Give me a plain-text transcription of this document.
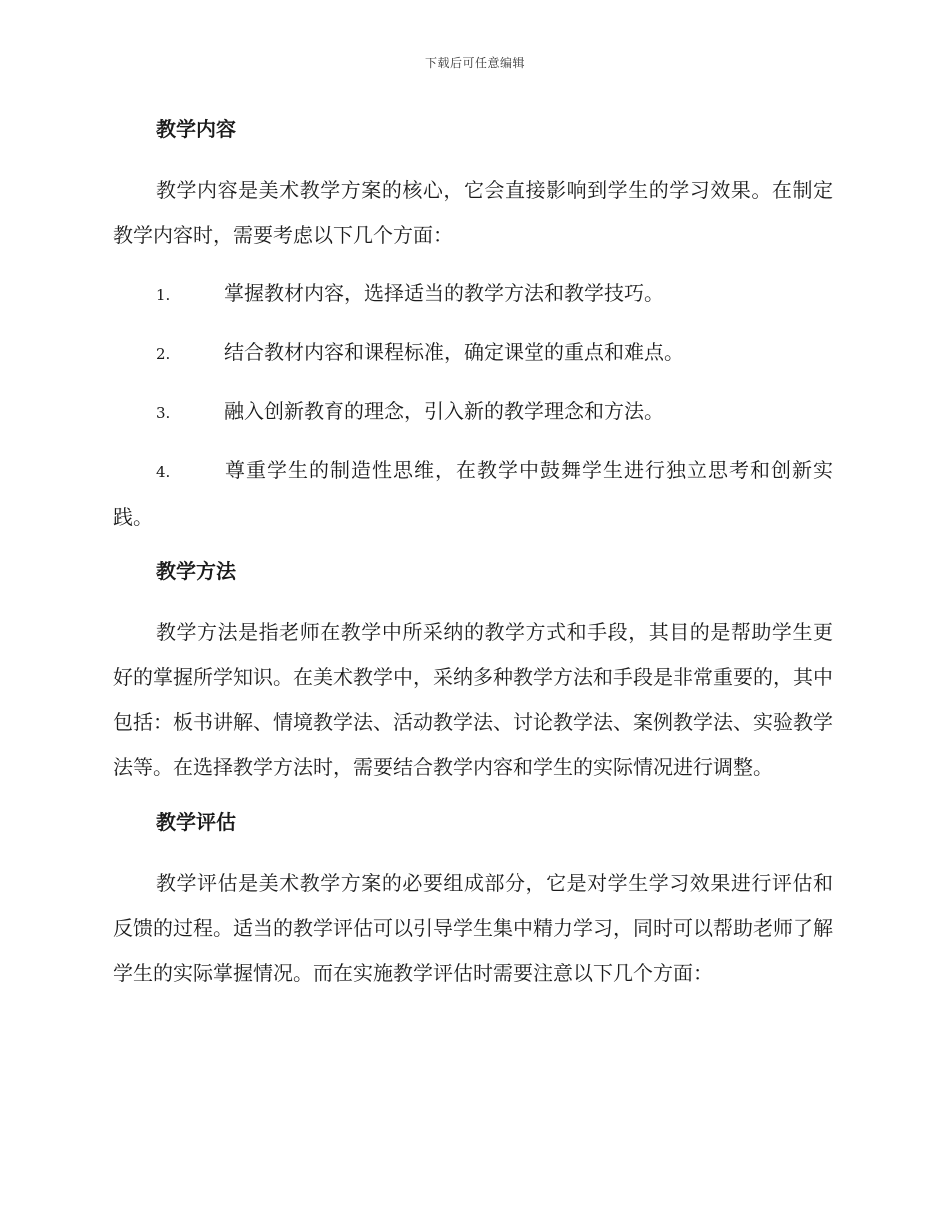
下载后可任意编辑
教学内容

教学内容是美术教学方案的核心，它会直接影响到学生的学习效果。在制定教学内容时，需要考虑以下几个方面：

1.	掌握教材内容，选择适当的教学方法和教学技巧。

2.	结合教材内容和课程标准，确定课堂的重点和难点。

3.	融入创新教育的理念，引入新的教学理念和方法。

4.	尊重学生的制造性思维，在教学中鼓舞学生进行独立思考和创新实践。

教学方法

教学方法是指老师在教学中所采纳的教学方式和手段，其目的是帮助学生更好的掌握所学知识。在美术教学中，采纳多种教学方法和手段是非常重要的，其中包括：板书讲解、情境教学法、活动教学法、讨论教学法、案例教学法、实验教学法等。在选择教学方法时，需要结合教学内容和学生的实际情况进行调整。

教学评估

教学评估是美术教学方案的必要组成部分，它是对学生学习效果进行评估和反馈的过程。适当的教学评估可以引导学生集中精力学习，同时可以帮助老师了解学生的实际掌握情况。而在实施教学评估时需要注意以下几个方面：
